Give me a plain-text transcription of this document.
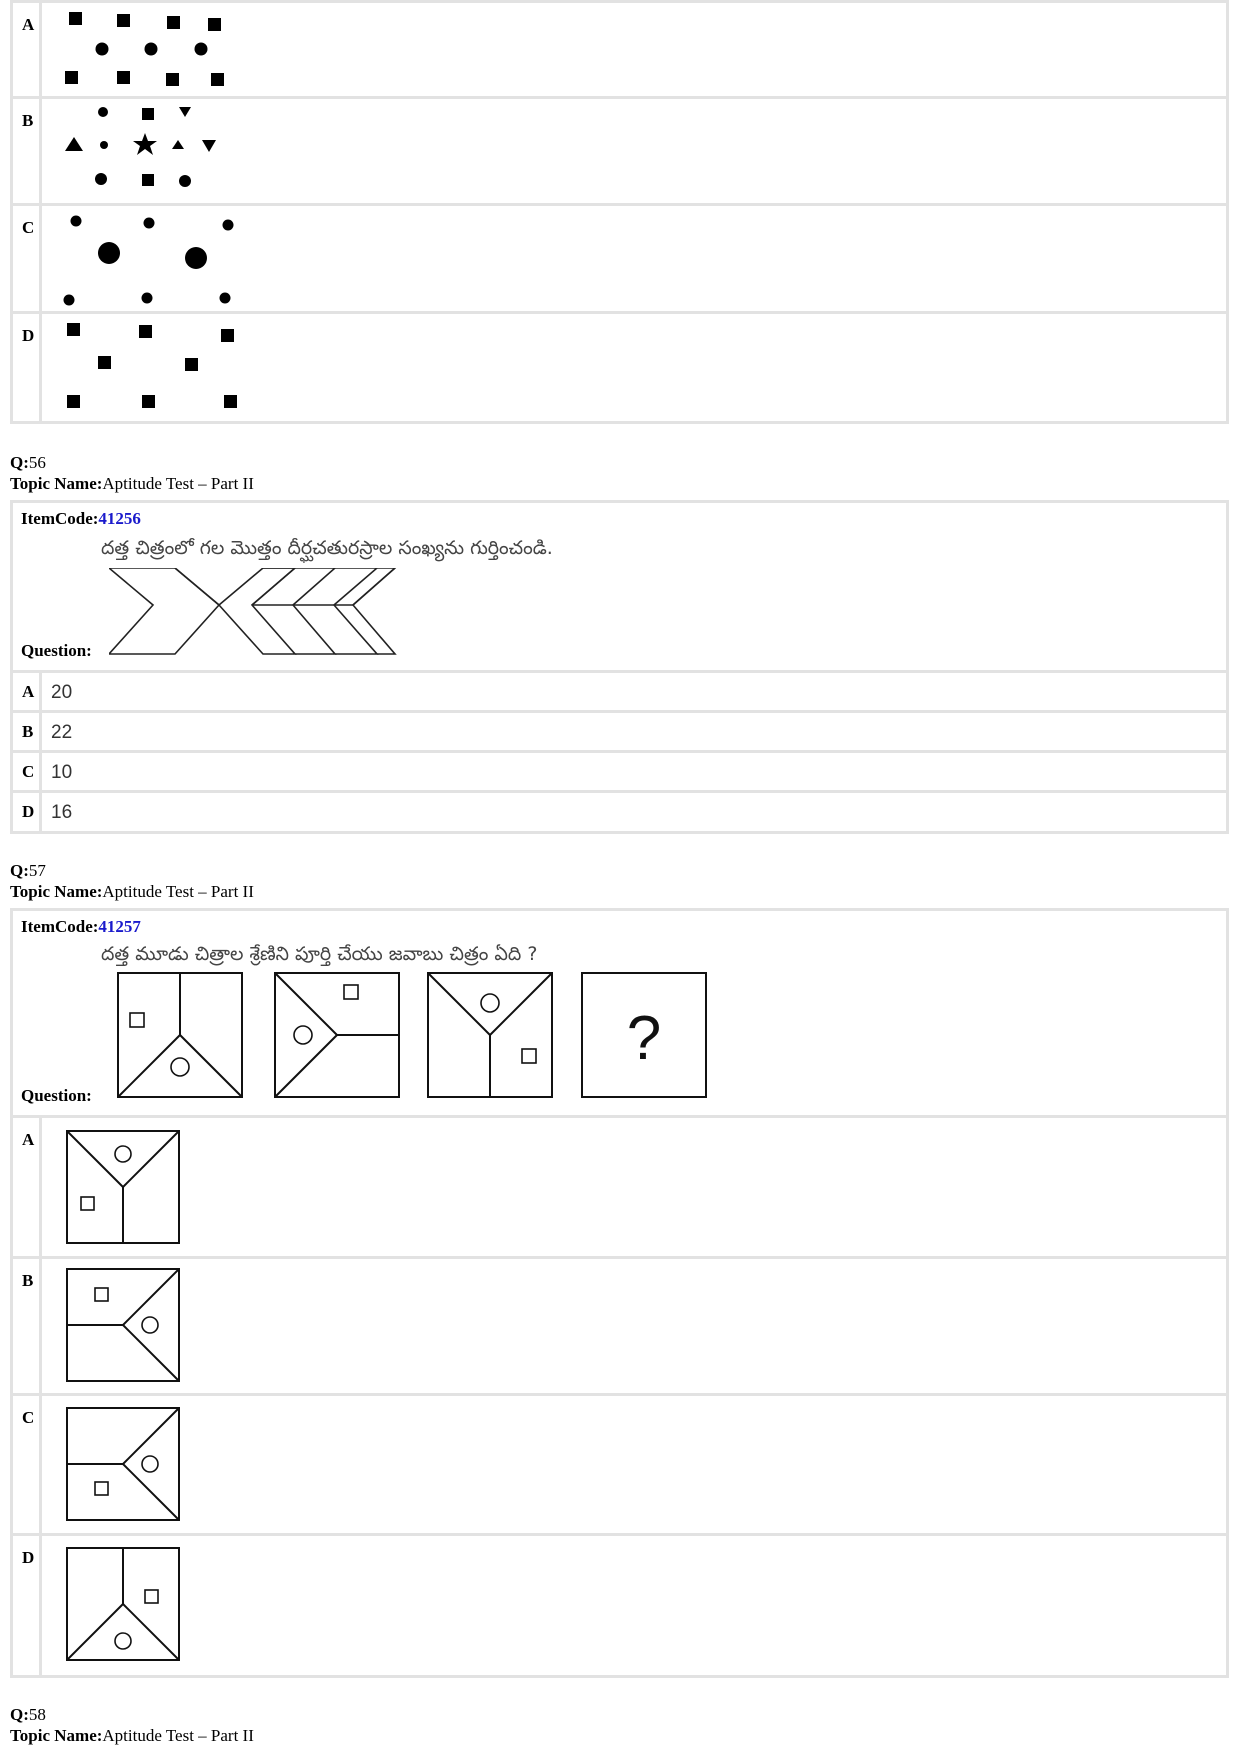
A
B
C
D
Q:56
Topic Name:Aptitude Test – Part II
ItemCode:41256
దత్త చిత్రంలో గల మొత్తం దీర్ఘచతురస్రాల సంఖ్యను గుర్తించండి.
Question:
A 20
B 22
C 10
D 16
Q:57
Topic Name:Aptitude Test – Part II
ItemCode:41257
దత్త మూడు చిత్రాల శ్రేణిని పూర్తి చేయు జవాబు చిత్రం ఏది ?
Question:
?
A
B
C
D
Q:58
Topic Name:Aptitude Test – Part II
